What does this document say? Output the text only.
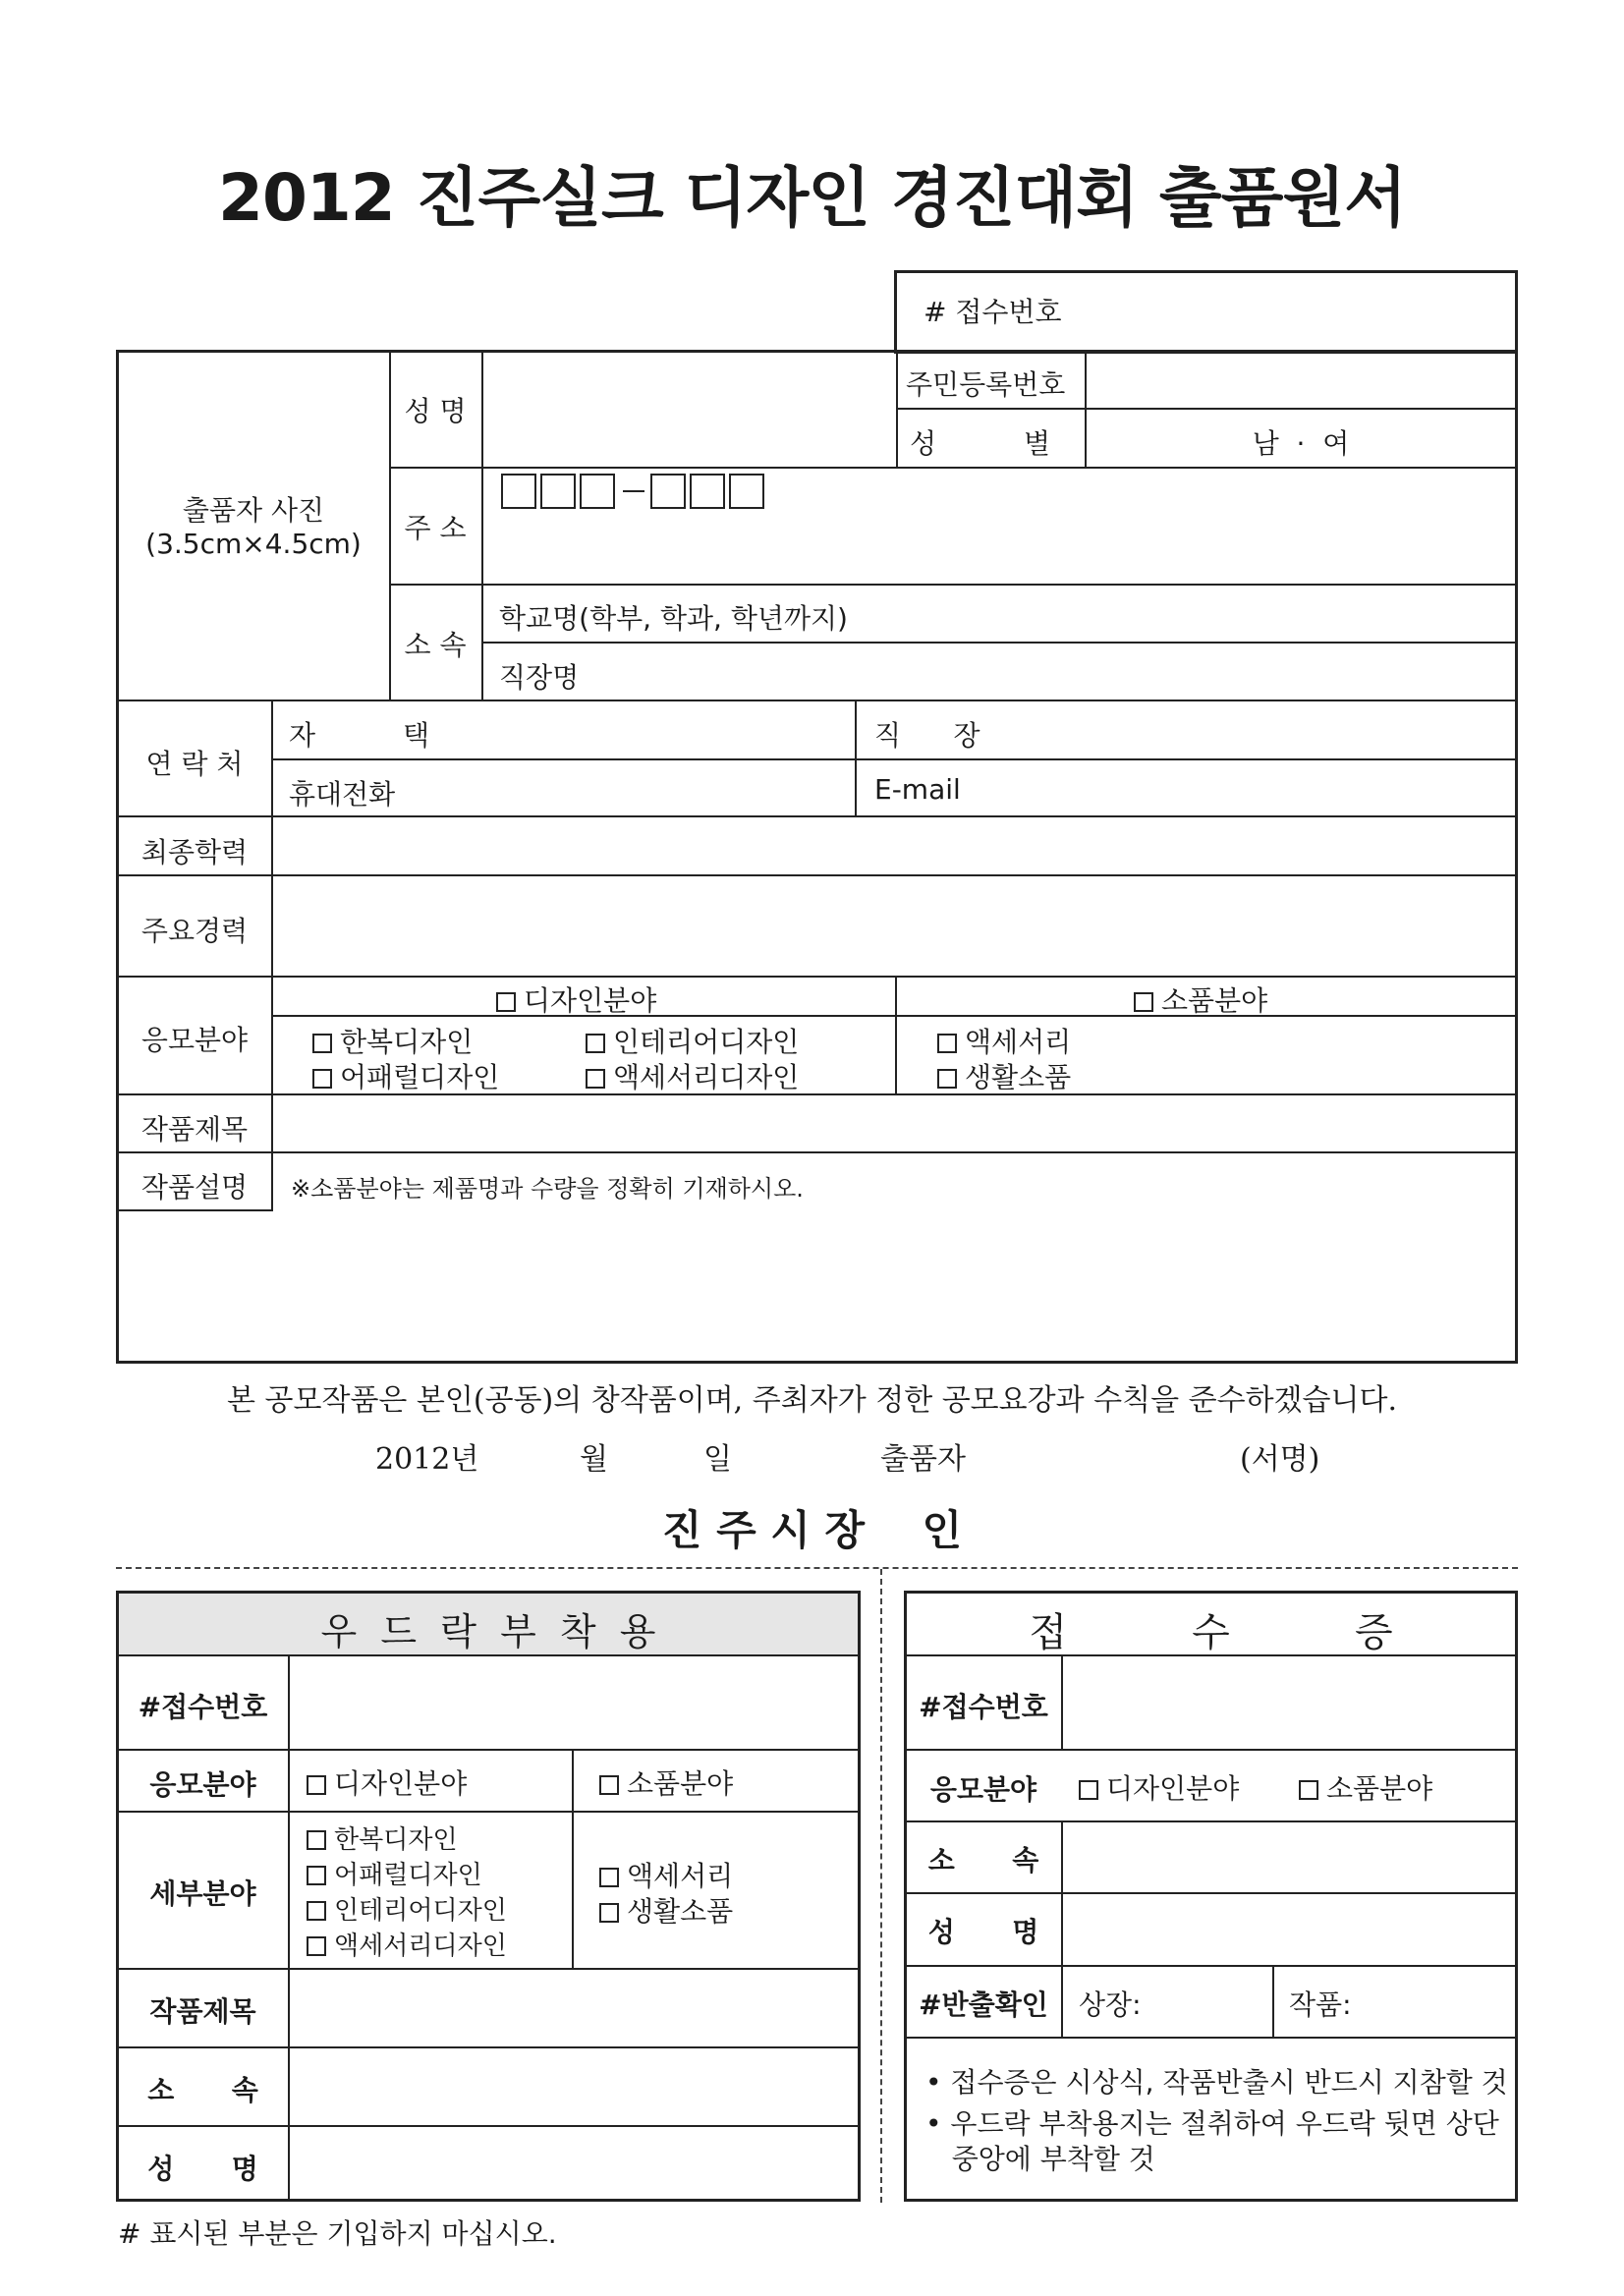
2012 진주실크 디자인 경진대회 출품원서
# 접수번호
출품자 사진
(3.5cm×4.5cm)
성 명
주민등록번호
성          별	남  ·  여
주 소
소 속
학교명(학부, 학과, 학년까지)
직장명
연 락 처
자          택	직      장
휴대전화	E-mail
최종학력
주요경력
응모분야
디자인분야	소품분야
한복디자인	인테리어디자인
어패럴디자인	액세서리디자인
액세서리
생활소품
작품제목
작품설명	※소품분야는 제품명과 수량을 정확히 기재하시오.
본 공모작품은 본인(공동)의 창작품이며, 주최자가 정한 공모요강과 수칙을 준수하겠습니다.
2012년	월	일	출품자	(서명)
진 주 시 장    인
우  드  락  부  착  용
#접수번호
응모분야	디자인분야	소품분야
세부분야
한복디자인
어패럴디자인
인테리어디자인
액세서리디자인
액세서리
생활소품
작품제목
소      속
성      명
접          수          증
#접수번호
응모분야	디자인분야	소품분야
소      속
성      명
#반출확인	상장:	작품:
• 접수증은 시상식, 작품반출시 반드시 지참할 것
• 우드락 부착용지는 절취하여 우드락 뒷면 상단
중앙에 부착할 것
# 표시된 부분은 기입하지 마십시오.
